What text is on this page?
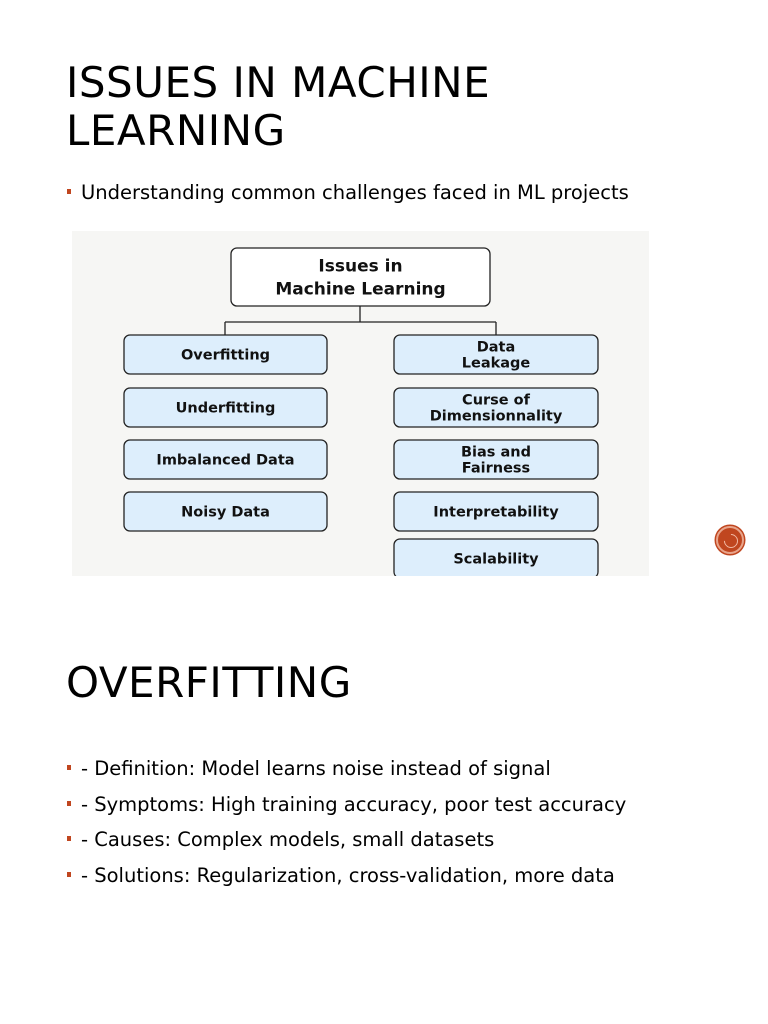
ISSUES IN MACHINE LEARNING
Understanding common challenges faced in ML projects
Issues in
Machine Learning
Overfitting
Underfitting
Imbalanced Data
Noisy Data
Data
Leakage
Curse of
Dimensionnality
Bias and
Fairness
Interpretability
Scalability
OVERFITTING
- Definition: Model learns noise instead of signal
- Symptoms: High training accuracy, poor test accuracy
- Causes: Complex models, small datasets
- Solutions: Regularization, cross-validation, more data
